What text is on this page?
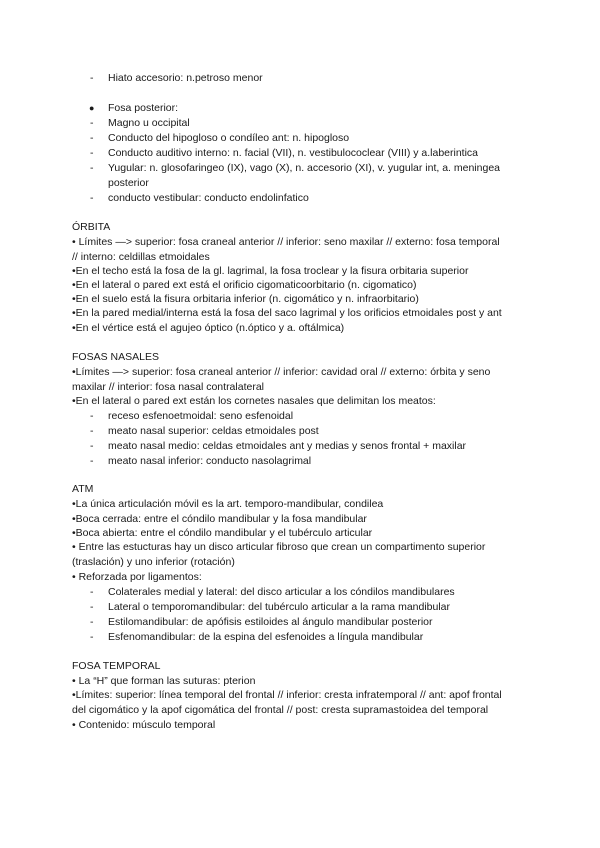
- Hiato accesorio: n.petroso menor
● Fosa posterior:
- Magno u occipital
- Conducto del hipogloso o condíleo ant: n. hipogloso
- Conducto auditivo interno: n. facial (VII), n. vestibulococlear (VIII) y a.laberintica
- Yugular: n. glosofaringeo (IX), vago (X), n. accesorio (XI), v. yugular int, a. meningea
posterior
- conducto vestibular: conducto endolinfatico
ÓRBITA
• Límites —> superior: fosa craneal anterior // inferior: seno maxilar // externo: fosa temporal
// interno: celdillas etmoidales
•En el techo está la fosa de la gl. lagrimal, la fosa troclear y la fisura orbitaria superior
•En el lateral o pared ext está el orificio cigomaticoorbitario (n. cigomatico)
•En el suelo está la fisura orbitaria inferior (n. cigomático y n. infraorbitario)
•En la pared medial/interna está la fosa del saco lagrimal y los orificios etmoidales post y ant
•En el vértice está el agujeo óptico (n.óptico y a. oftálmica)
FOSAS NASALES
•Límites —> superior: fosa craneal anterior // inferior: cavidad oral // externo: órbita y seno
maxilar // interior: fosa nasal contralateral
•En el lateral o pared ext están los cornetes nasales que delimitan los meatos:
- receso esfenoetmoidal: seno esfenoidal
- meato nasal superior: celdas etmoidales post
- meato nasal medio: celdas etmoidales ant y medias y senos frontal + maxilar
- meato nasal inferior: conducto nasolagrimal
ATM
•La única articulación móvil es la art. temporo-mandibular, condilea
•Boca cerrada: entre el cóndilo mandibular y la fosa mandibular
•Boca abierta: entre el cóndilo mandibular y el tubérculo articular
• Entre las estucturas hay un disco articular fibroso que crean un compartimento superior
(traslación) y uno inferior (rotación)
• Reforzada por ligamentos:
- Colaterales medial y lateral: del disco articular a los cóndilos mandibulares
- Lateral o temporomandibular: del tubérculo articular a la rama mandibular
- Estilomandibular: de apófisis estiloides al ángulo mandibular posterior
- Esfenomandibular: de la espina del esfenoides a língula mandibular
FOSA TEMPORAL
• La “H” que forman las suturas: pterion
•Límites: superior: línea temporal del frontal // inferior: cresta infratemporal // ant: apof frontal
del cigomático y la apof cigomática del frontal // post: cresta supramastoidea del temporal
• Contenido: músculo temporal
